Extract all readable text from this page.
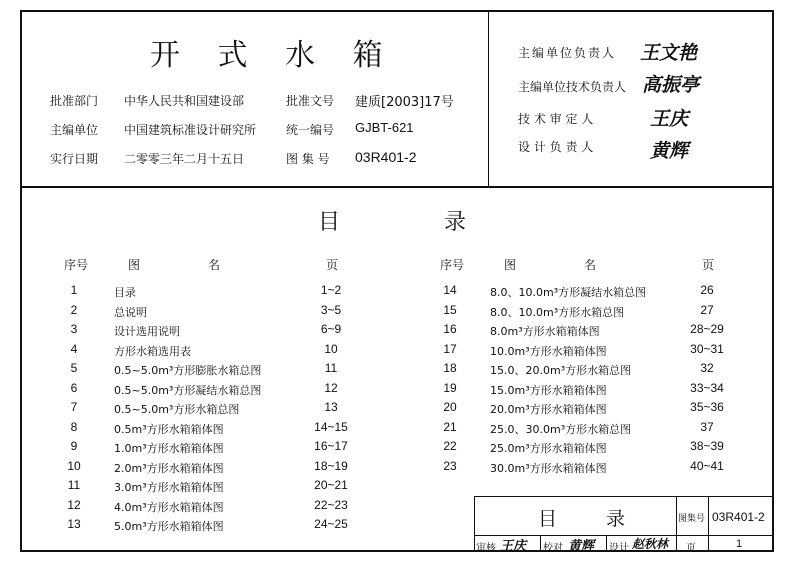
开 式 水 箱
批准部门 中华人民共和国建设部	批准文号 建质[2003]17号
主编单位 中国建筑标准设计研究所 统一编号 GJBT-621
实行日期 二零零三年二月十五日	图 集 号 03R401-2
主编单位负责人 王文艳
主编单位技术负责人 高振亭
技 术 审 定 人	王庆
设 计 负 责 人	黄辉
目	录
序号	图	名	页	序号	图	名	页
1	目录	1~2
2	总说明	3~5
3	设计选用说明	6~9
4	方形水箱选用表	10
5	0.5~5.0m³方形膨胀水箱总图	11
6	0.5~5.0m³方形凝结水箱总图	12
7	0.5~5.0m³方形水箱总图	13
8	0.5m³方形水箱箱体图	14~15
9	1.0m³方形水箱箱体图	16~17
10	2.0m³方形水箱箱体图	18~19
11	3.0m³方形水箱箱体图	20~21
12	4.0m³方形水箱箱体图	22~23
13	5.0m³方形水箱箱体图	24~25
14	8.0、10.0m³方形凝结水箱总图	26
15	8.0、10.0m³方形水箱总图	27
16	8.0m³方形水箱箱体图	28~29
17	10.0m³方形水箱箱体图	30~31
18	15.0、20.0m³方形水箱总图	32
19	15.0m³方形水箱箱体图	33~34
20	20.0m³方形水箱箱体图	35~36
21	25.0、30.0m³方形水箱总图	37
22	25.0m³方形水箱箱体图	38~39
23	30.0m³方形水箱箱体图	40~41
目	录	图集号 03R401-2
审核 王庆 校对 黄辉 设计 赵秋林 页	1
